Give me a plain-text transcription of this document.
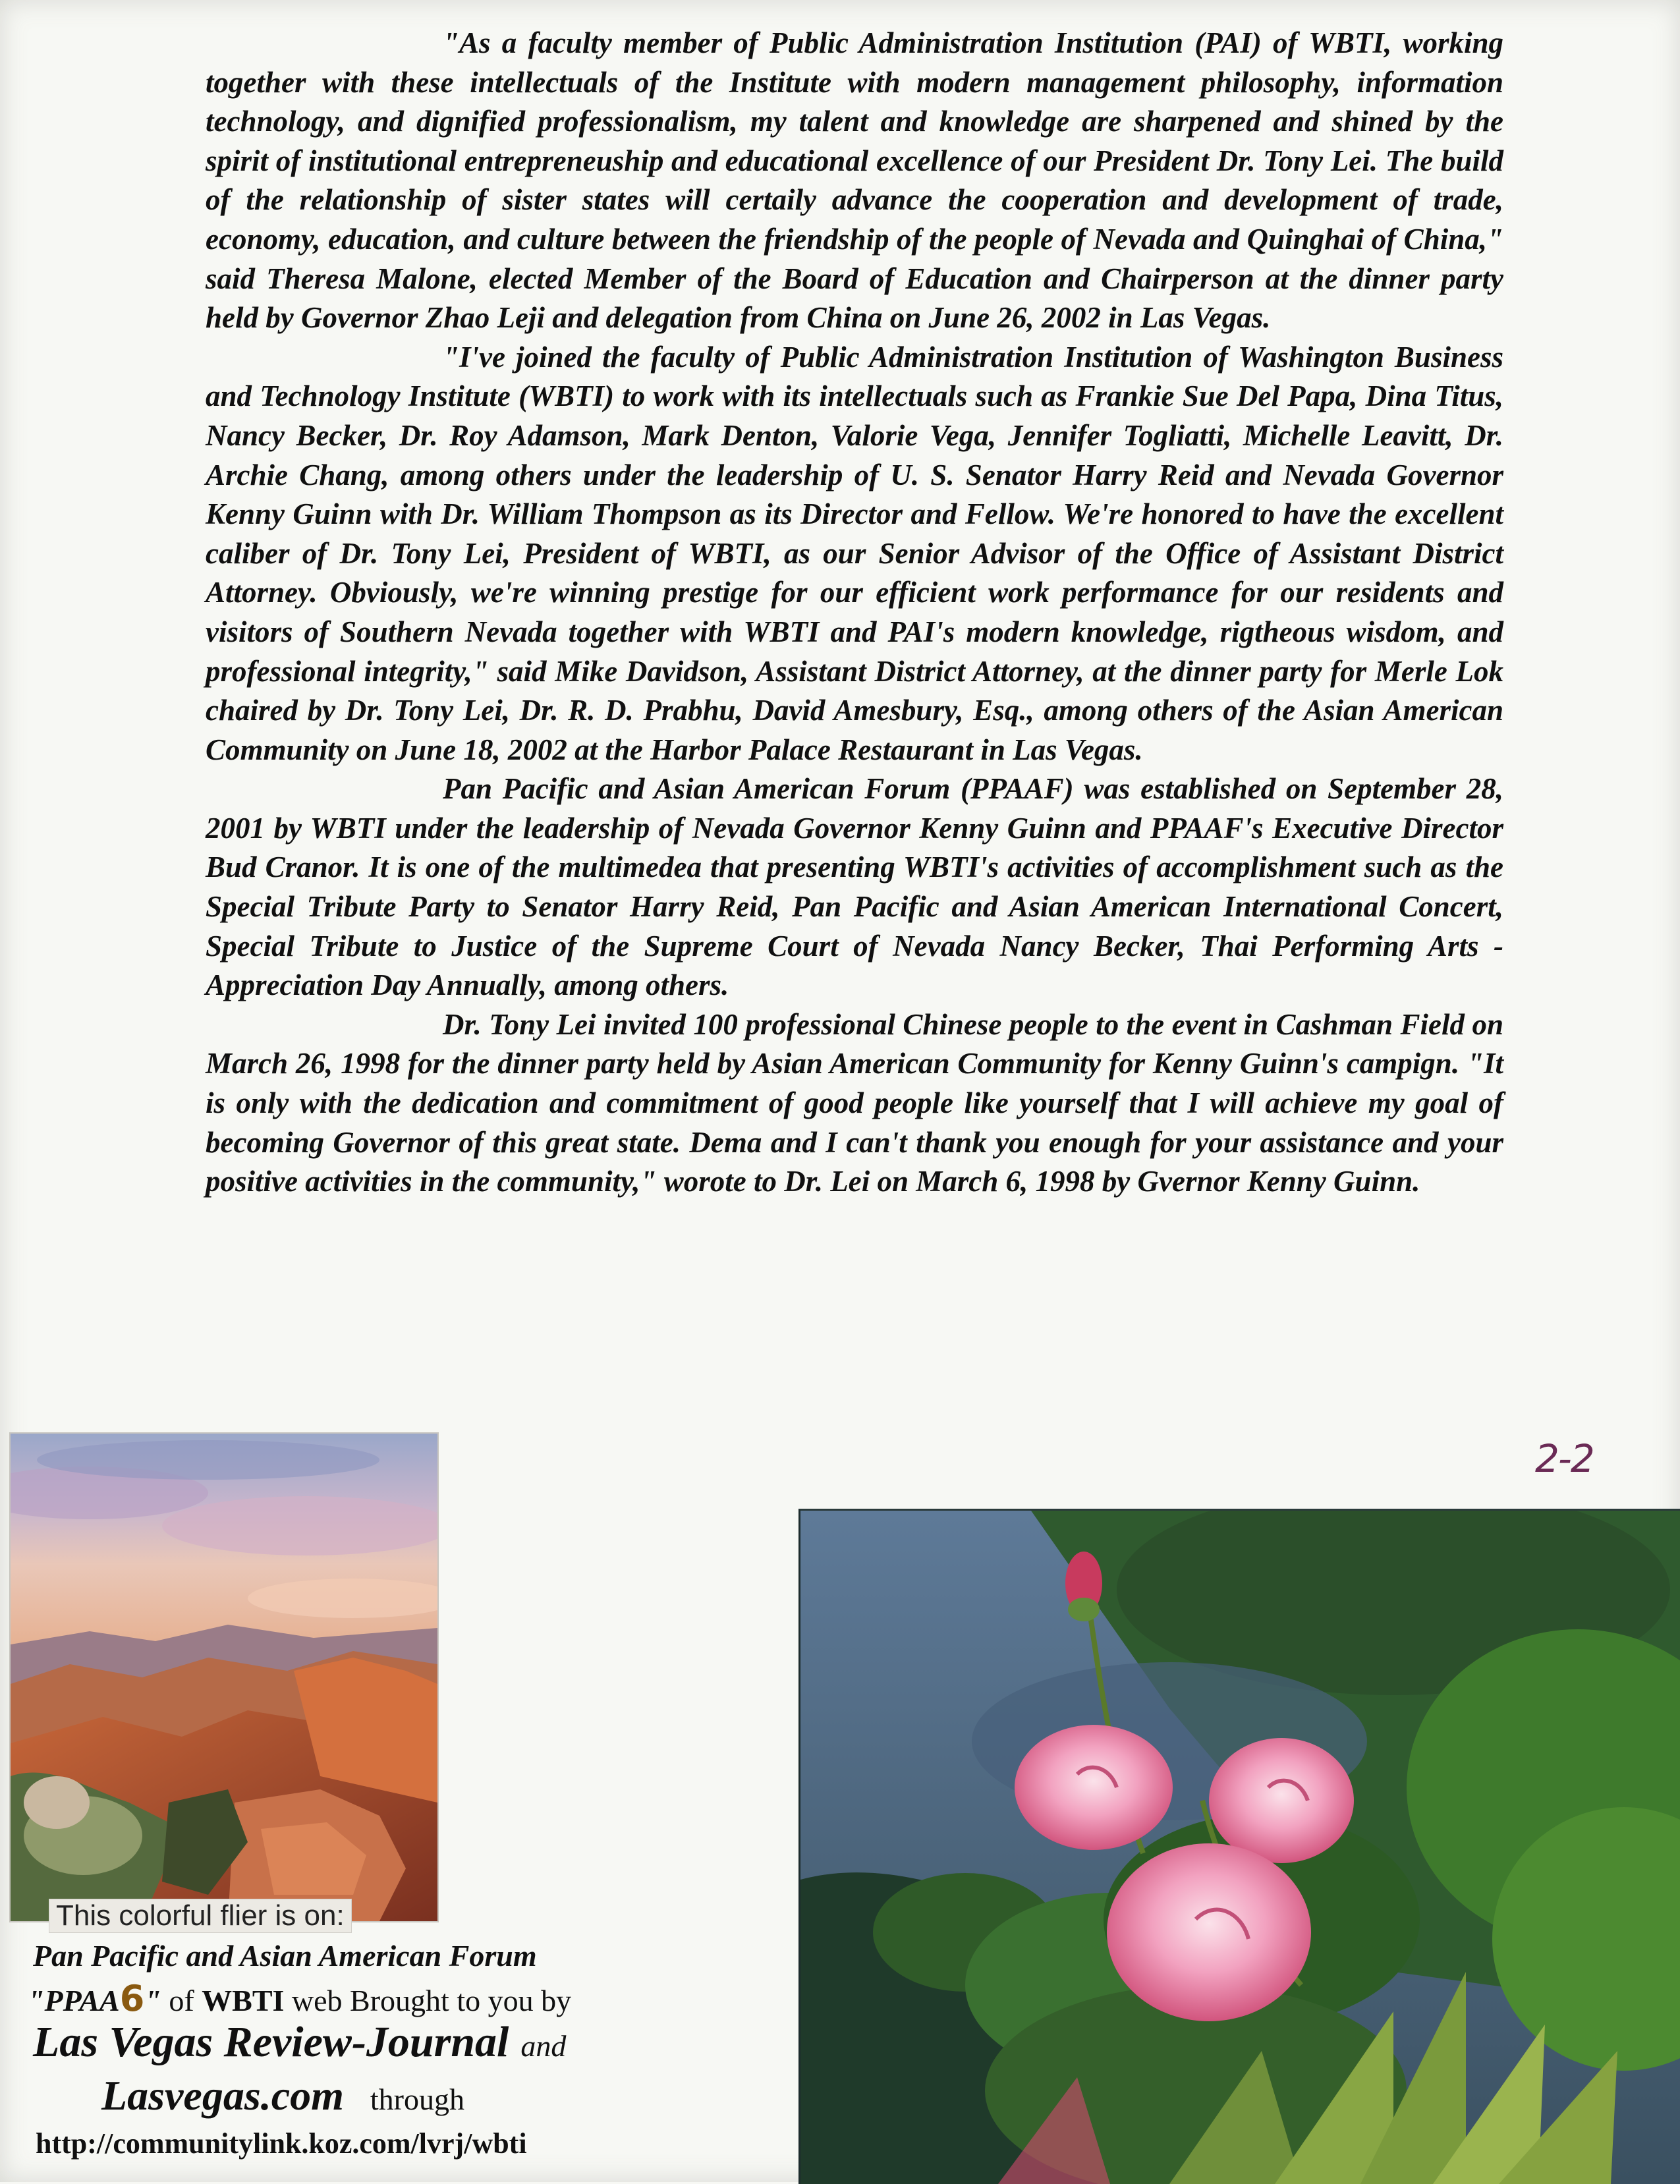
"As a faculty member of Public Administration Institution (PAI) of WBTI, working together with these intellectuals of the Institute with modern management philosophy, information technology, and dignified professionalism, my talent and knowledge are sharpened and shined by the spirit of institutional entrepreneuship and educational excellence of our President Dr. Tony Lei. The build of the relationship of sister states will certaily advance the cooperation and development of trade, economy, education, and culture between the friendship of the people of Nevada and Quinghai of China," said Theresa Malone, elected Member of the Board of Education and Chairperson at the dinner party held by Governor Zhao Leji and delegation from China on June 26, 2002 in Las Vegas.

"I've joined the faculty of Public Administration Institution of Washington Business and Technology Institute (WBTI) to work with its intellectuals such as Frankie Sue Del Papa, Dina Titus, Nancy Becker, Dr. Roy Adamson, Mark Denton, Valorie Vega, Jennifer Togliatti, Michelle Leavitt, Dr. Archie Chang, among others under the leadership of U. S. Senator Harry Reid and Nevada Governor Kenny Guinn with Dr. William Thompson as its Director and Fellow. We're honored to have the excellent caliber of Dr. Tony Lei, President of WBTI, as our Senior Advisor of the Office of Assistant District Attorney. Obviously, we're winning prestige for our efficient work performance for our residents and visitors of Southern Nevada together with WBTI and PAI's modern knowledge, rigtheous wisdom, and professional integrity," said Mike Davidson, Assistant District Attorney, at the dinner party for Merle Lok chaired by Dr. Tony Lei, Dr. R. D. Prabhu, David Amesbury, Esq., among others of the Asian American Community on June 18, 2002 at the Harbor Palace Restaurant in Las Vegas.

Pan Pacific and Asian American Forum (PPAAF) was established on September 28, 2001 by WBTI under the leadership of Nevada Governor Kenny Guinn and PPAAF's Executive Director Bud Cranor. It is one of the multimedea that presenting WBTI's activities of accomplishment such as the Special Tribute Party to Senator Harry Reid, Pan Pacific and Asian American International Concert, Special Tribute to Justice of the Supreme Court of Nevada Nancy Becker, Thai Performing Arts - Appreciation Day Annually, among others.

Dr. Tony Lei invited 100 professional Chinese people to the event in Cashman Field on March 26, 1998 for the dinner party held by Asian American Community for Kenny Guinn's campign. "It is only with the dedication and commitment of good people like yourself that I will achieve my goal of becoming Governor of this great state. Dema and I can't thank you enough for your assistance and your positive activities in the community," worote to Dr. Lei on March 6, 1998 by Gvernor Kenny Guinn.

2-2
This colorful flier is on:
Pan Pacific and Asian American Forum
"PPAA6" of WBTI web Brought to you by
Las Vegas Review-Journal and
Lasvegas.com through
http://communitylink.koz.com/lvrj/wbti
